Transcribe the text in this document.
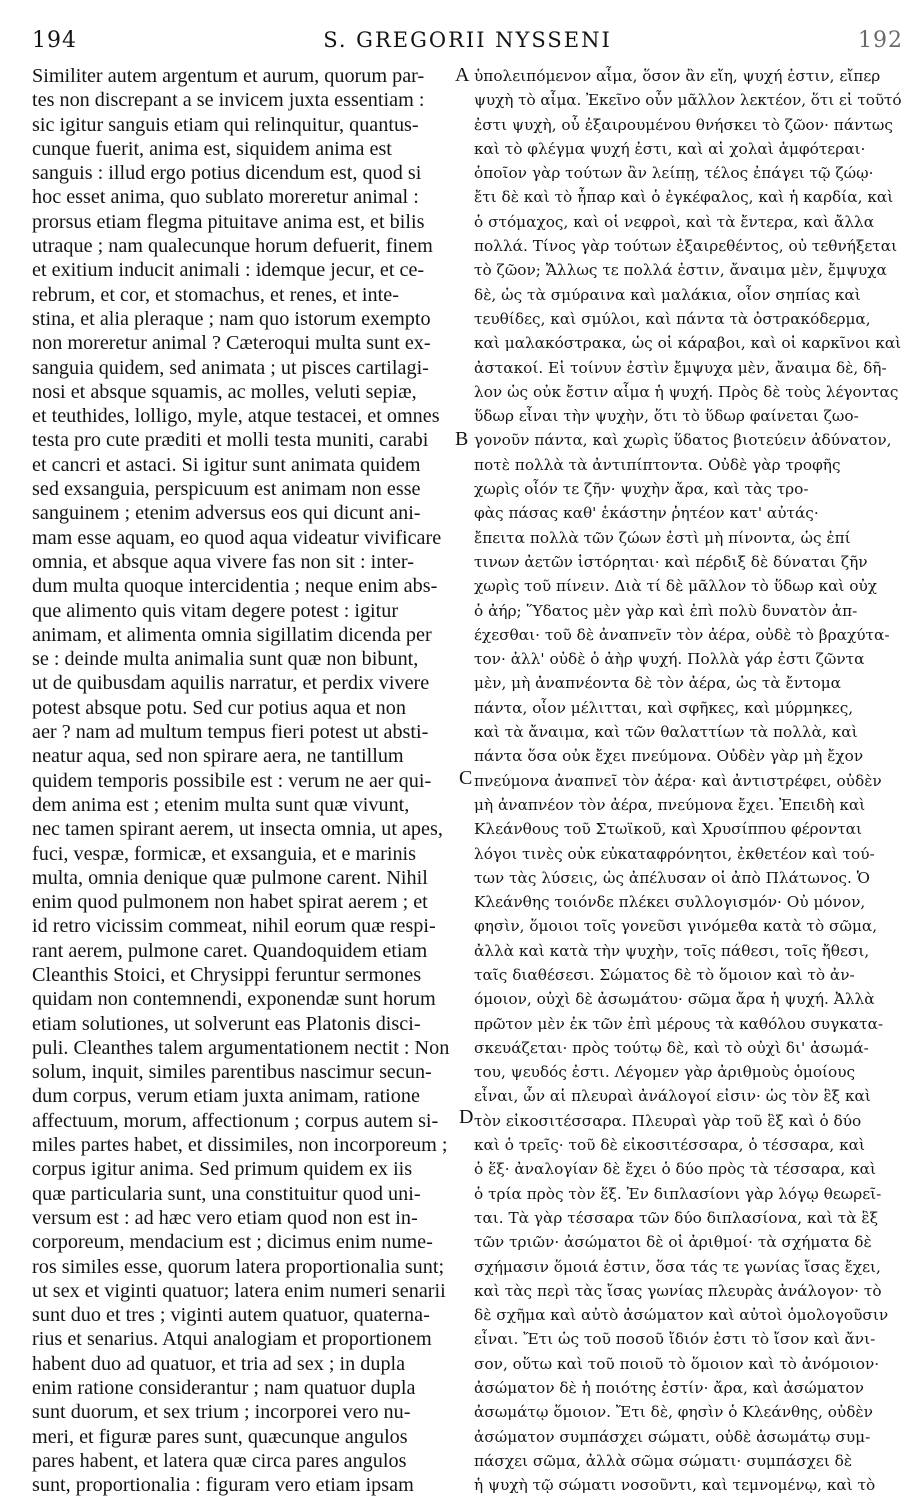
194	S. GREGORII NYSSENI	192
Similiter autem argentum et aurum, quorum par-
tes non discrepant a se invicem juxta essentiam :
sic igitur sanguis etiam qui relinquitur, quantus-
cunque fuerit, anima est, siquidem anima est
sanguis : illud ergo potius dicendum est, quod si
hoc esset anima, quo sublato moreretur animal :
prorsus etiam flegma pituitave anima est, et bilis
utraque ; nam qualecunque horum defuerit, finem
et exitium inducit animali : idemque jecur, et ce-
rebrum, et cor, et stomachus, et renes, et inte-
stina, et alia pleraque ; nam quo istorum exempto
non moreretur animal ? Cæteroqui multa sunt ex-
sanguia quidem, sed animata ; ut pisces cartilagi-
nosi et absque squamis, ac molles, veluti sepiæ,
et teuthides, lolligo, myle, atque testacei, et omnes
testa pro cute præditi et molli testa muniti, carabi
et cancri et astaci. Si igitur sunt animata quidem
sed exsanguia, perspicuum est animam non esse
sanguinem ; etenim adversus eos qui dicunt ani-
mam esse aquam, eo quod aqua videatur vivificare
omnia, et absque aqua vivere fas non sit : inter-
dum multa quoque intercidentia ; neque enim abs-
que alimento quis vitam degere potest : igitur
animam, et alimenta omnia sigillatim dicenda per
se : deinde multa animalia sunt quæ non bibunt,
ut de quibusdam aquilis narratur, et perdix vivere
potest absque potu. Sed cur potius aqua et non
aer ? nam ad multum tempus fieri potest ut absti-
neatur aqua, sed non spirare aera, ne tantillum
quidem temporis possibile est : verum ne aer qui-
dem anima est ; etenim multa sunt quæ vivunt,
nec tamen spirant aerem, ut insecta omnia, ut apes,
fuci, vespæ, formicæ, et exsanguia, et e marinis
multa, omnia denique quæ pulmone carent. Nihil
enim quod pulmonem non habet spirat aerem ; et
id retro vicissim commeat, nihil eorum quæ respi-
rant aerem, pulmone caret. Quandoquidem etiam
Cleanthis Stoici, et Chrysippi feruntur sermones
quidam non contemnendi, exponendæ sunt horum
etiam solutiones, ut solverunt eas Platonis disci-
puli. Cleanthes talem argumentationem nectit : Non
solum, inquit, similes parentibus nascimur secun-
dum corpus, verum etiam juxta animam, ratione
affectuum, morum, affectionum ; corpus autem si-
miles partes habet, et dissimiles, non incorporeum ;
corpus igitur anima. Sed primum quidem ex iis
quæ particularia sunt, una constituitur quod uni-
versum est : ad hæc vero etiam quod non est in-
corporeum, mendacium est ; dicimus enim nume-
ros similes esse, quorum latera proportionalia sunt;
ut sex et viginti quatuor; latera enim numeri senarii
sunt duo et tres ; viginti autem quatuor, quaterna-
rius et senarius. Atqui analogiam et proportionem
habent duo ad quatuor, et tria ad sex ; in dupla
enim ratione considerantur ; nam quatuor dupla
sunt duorum, et sex trium ; incorporei vero nu-
meri, et figuræ pares sunt, quæcunque angulos
pares habent, et latera quæ circa pares angulos
sunt, proportionalia : figuram vero etiam ipsam
A
B
C
D
ὑπολειπόμενον αἷμα, ὅσον ἂν εἴη, ψυχή ἐστιν, εἴπερ
ψυχὴ τὸ αἷμα. Ἐκεῖνο οὖν μᾶλλον λεκτέον, ὅτι εἰ τοῦτό
ἐστι ψυχὴ, οὗ ἐξαιρουμένου θνήσκει τὸ ζῶον· πάντως
καὶ τὸ φλέγμα ψυχή ἐστι, καὶ αἱ χολαὶ ἀμφότεραι·
ὁποῖον γὰρ τούτων ἂν λείπῃ, τέλος ἐπάγει τῷ ζώῳ·
ἔτι δὲ καὶ τὸ ἧπαρ καὶ ὁ ἐγκέφαλος, καὶ ἡ καρδία, καὶ
ὁ στόμαχος, καὶ οἱ νεφροὶ, καὶ τὰ ἔντερα, καὶ ἄλλα
πολλά. Τίνος γὰρ τούτων ἐξαιρεθέντος, οὐ τεθνήξεται
τὸ ζῶον; Ἄλλως τε πολλά ἐστιν, ἄναιμα μὲν, ἔμψυχα
δὲ, ὡς τὰ σμύραινα καὶ μαλάκια, οἷον σηπίας καὶ
τευθίδες, καὶ σμύλοι, καὶ πάντα τὰ ὀστρακόδερμα,
καὶ μαλακόστρακα, ὡς οἱ κάραβοι, καὶ οἱ καρκῖνοι καὶ
ἀστακοί. Εἰ τοίνυν ἐστὶν ἔμψυχα μὲν, ἄναιμα δὲ, δῆ-
λον ὡς οὐκ ἔστιν αἷμα ἡ ψυχή. Πρὸς δὲ τοὺς λέγοντας
ὕδωρ εἶναι τὴν ψυχὴν, ὅτι τὸ ὕδωρ φαίνεται ζωο-
γονοῦν πάντα, καὶ χωρὶς ὕδατος βιοτεύειν ἀδύνατον,
ποτὲ πολλὰ τὰ ἀντιπίπτοντα. Οὐδὲ γὰρ τροφῆς
χωρὶς οἷόν τε ζῆν· ψυχὴν ἄρα, καὶ τὰς τρο-
φὰς πάσας καθ' ἑκάστην ῥητέον κατ' αὐτάς·
ἔπειτα πολλὰ τῶν ζώων ἐστὶ μὴ πίνοντα, ὡς ἐπί
τινων ἀετῶν ἱστόρηται· καὶ πέρδιξ δὲ δύναται ζῆν
χωρὶς τοῦ πίνειν. Διὰ τί δὲ μᾶλλον τὸ ὕδωρ καὶ οὐχ
ὁ ἀήρ; Ὕδατος μὲν γὰρ καὶ ἐπὶ πολὺ δυνατὸν ἀπ-
έχεσθαι· τοῦ δὲ ἀναπνεῖν τὸν ἀέρα, οὐδὲ τὸ βραχύτα-
τον· ἀλλ' οὐδὲ ὁ ἀὴρ ψυχή. Πολλὰ γάρ ἐστι ζῶντα
μὲν, μὴ ἀναπνέοντα δὲ τὸν ἀέρα, ὡς τὰ ἔντομα
πάντα, οἷον μέλιτται, καὶ σφῆκες, καὶ μύρμηκες,
καὶ τὰ ἄναιμα, καὶ τῶν θαλαττίων τὰ πολλὰ, καὶ
πάντα ὅσα οὐκ ἔχει πνεύμονα. Οὐδὲν γὰρ μὴ ἔχον
πνεύμονα ἀναπνεῖ τὸν ἀέρα· καὶ ἀντιστρέφει, οὐδὲν
μὴ ἀναπνέον τὸν ἀέρα, πνεύμονα ἔχει. Ἐπειδὴ καὶ
Κλεάνθους τοῦ Στωϊκοῦ, καὶ Χρυσίππου φέρονται
λόγοι τινὲς οὐκ εὐκαταφρόνητοι, ἐκθετέον καὶ τού-
των τὰς λύσεις, ὡς ἀπέλυσαν οἱ ἀπὸ Πλάτωνος. Ὁ
Κλεάνθης τοιόνδε πλέκει συλλογισμόν· Οὐ μόνον,
φησὶν, ὅμοιοι τοῖς γονεῦσι γινόμεθα κατὰ τὸ σῶμα,
ἀλλὰ καὶ κατὰ τὴν ψυχὴν, τοῖς πάθεσι, τοῖς ἤθεσι,
ταῖς διαθέσεσι. Σώματος δὲ τὸ ὅμοιον καὶ τὸ ἀν-
όμοιον, οὐχὶ δὲ ἀσωμάτου· σῶμα ἄρα ἡ ψυχή. Ἀλλὰ
πρῶτον μὲν ἐκ τῶν ἐπὶ μέρους τὰ καθόλου συγκατα-
σκευάζεται· πρὸς τούτῳ δὲ, καὶ τὸ οὐχὶ δι' ἀσωμά-
του, ψευδός ἐστι. Λέγομεν γὰρ ἀριθμοὺς ὁμοίους
εἶναι, ὧν αἱ πλευραὶ ἀνάλογοί εἰσιν· ὡς τὸν ἓξ καὶ
τὸν εἰκοσιτέσσαρα. Πλευραὶ γὰρ τοῦ ἓξ καὶ ὁ δύο
καὶ ὁ τρεῖς· τοῦ δὲ εἰκοσιτέσσαρα, ὁ τέσσαρα, καὶ
ὁ ἕξ· ἀναλογίαν δὲ ἔχει ὁ δύο πρὸς τὰ τέσσαρα, καὶ
ὁ τρία πρὸς τὸν ἕξ. Ἐν διπλασίονι γὰρ λόγῳ θεωρεῖ-
ται. Τὰ γὰρ τέσσαρα τῶν δύο διπλασίονα, καὶ τὰ ἓξ
τῶν τριῶν· ἀσώματοι δὲ οἱ ἀριθμοί· τὰ σχήματα δὲ
σχήμασιν ὅμοιά ἐστιν, ὅσα τάς τε γωνίας ἴσας ἔχει,
καὶ τὰς περὶ τὰς ἴσας γωνίας πλευρὰς ἀνάλογον· τὸ
δὲ σχῆμα καὶ αὐτὸ ἀσώματον καὶ αὐτοὶ ὁμολογοῦσιν
εἶναι. Ἔτι ὡς τοῦ ποσοῦ ἴδιόν ἐστι τὸ ἴσον καὶ ἄνι-
σον, οὕτω καὶ τοῦ ποιοῦ τὸ ὅμοιον καὶ τὸ ἀνόμοιον·
ἀσώματον δὲ ἡ ποιότης ἐστίν· ἄρα, καὶ ἀσώματον
ἀσωμάτῳ ὅμοιον. Ἔτι δὲ, φησὶν ὁ Κλεάνθης, οὐδὲν
ἀσώματον συμπάσχει σώματι, οὐδὲ ἀσωμάτῳ συμ-
πάσχει σῶμα, ἀλλὰ σῶμα σώματι· συμπάσχει δὲ
ἡ ψυχὴ τῷ σώματι νοσοῦντι, καὶ τεμνομένῳ, καὶ τὸ
